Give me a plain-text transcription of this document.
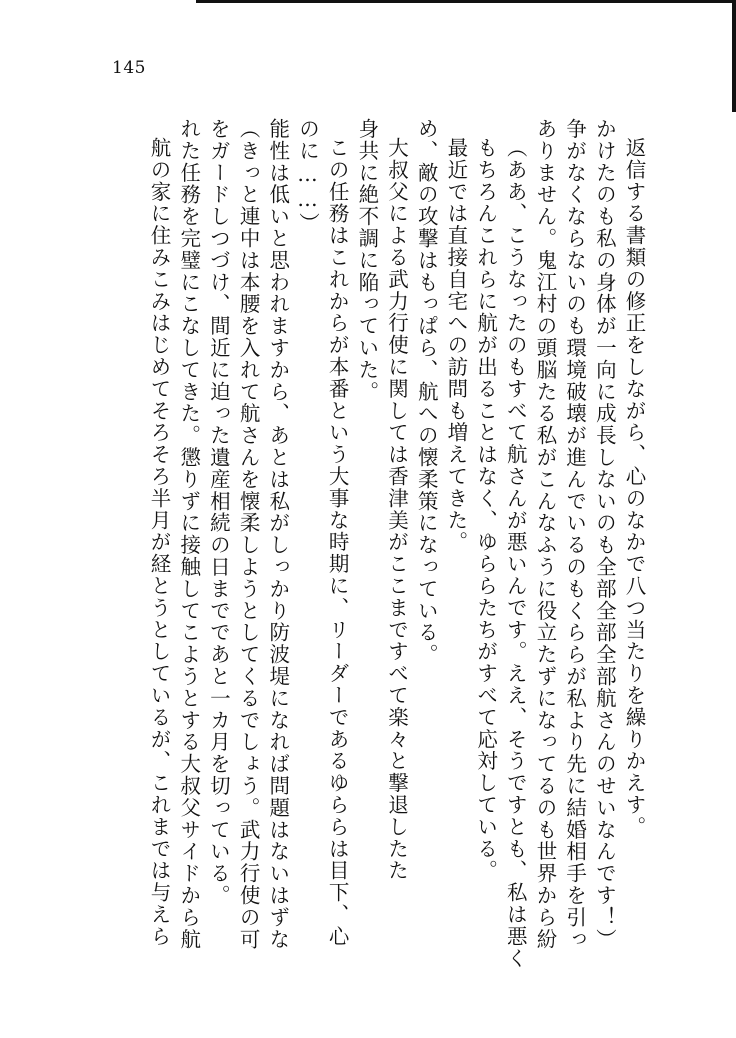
145
航の家に住みこみはじめてそろそろ半月が経とうとしているが、これまでは与えら れた任務を完璧にこなしてきた。懲りずに接触してこようとする大叔父サイドから航 をガードしつづけ、間近に迫った遺産相続の日までであと一カ月を切っている。 （きっと連中は本腰を入れて航さんを懐柔しようとしてくるでしょう。武力行使の可 能性は低いと思われますから、あとは私がしっかり防波堤になれば問題はないはずな のに……） この任務はこれからが本番という大事な時期に、リーダーであるゆららは目下、心 身共に絶不調に陥っていた。 大叔父による武力行使に関しては香津美がここまですべて楽々と撃退したた め、敵の攻撃はもっぱら、航への懐柔策になっている。 最近では直接自宅への訪問も増えてきた。 もちろんこれらに航が出ることはなく、ゆららたちがすべて応対している。 （ああ、こうなったのもすべて航さんが悪いんです。ええ、そうですとも、私は悪く ありません。鬼江村の頭脳たる私がこんなふうに役立たずになってるのも世界から紛 争がなくならないのも環境破壊が進んでいるのもくららが私より先に結婚相手を引っ かけたのも私の身体が一向に成長しないのも全部全部全部航さんのせいなんです！） 返信する書類の修正をしながら、心のなかで八つ当たりを繰りかえす。
